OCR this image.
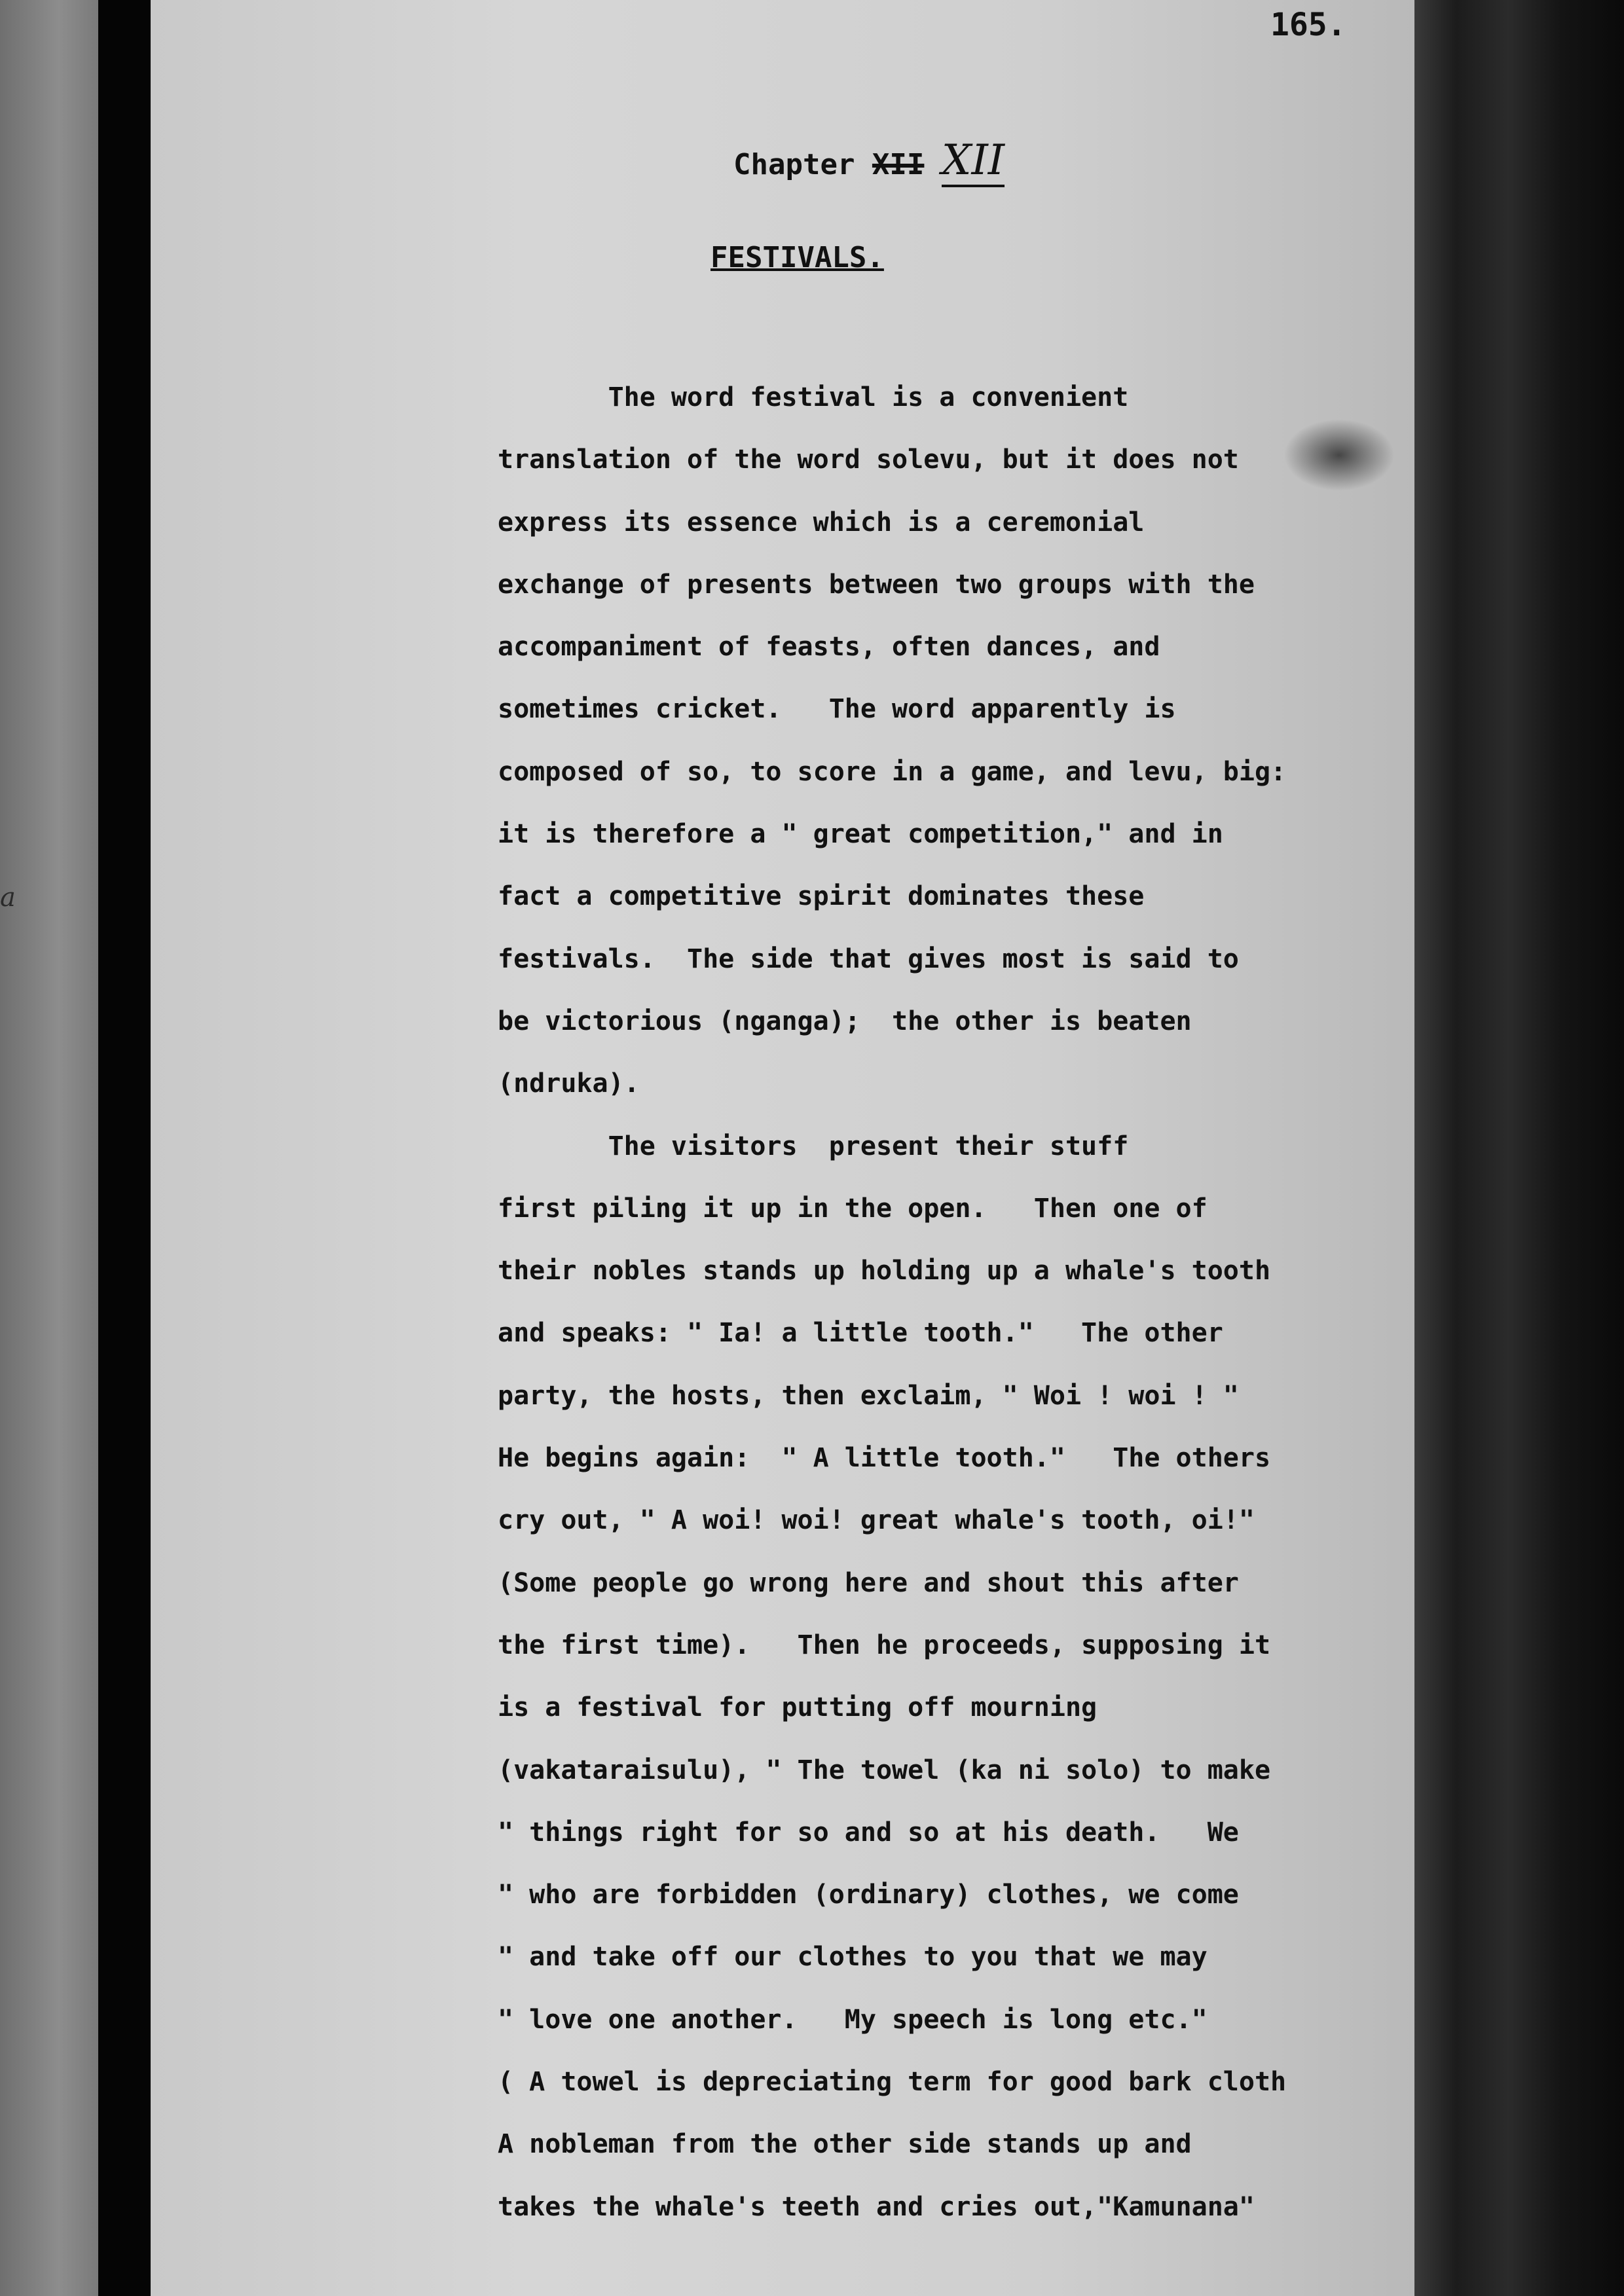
a
165.
Chapter XII XII
FESTIVALS.
The word festival is a convenient
translation of the word solevu, but it does not
express its essence which is a ceremonial
exchange of presents between two groups with the
accompaniment of feasts, often dances, and
sometimes cricket.   The word apparently is
composed of so, to score in a game, and levu, big:
it is therefore a " great competition," and in
fact a competitive spirit dominates these
festivals.  The side that gives most is said to
be victorious (nganga);  the other is beaten
(ndruka).
The visitors  present their stuff
first piling it up in the open.   Then one of
their nobles stands up holding up a whale's tooth
and speaks: " Ia! a little tooth."   The other
party, the hosts, then exclaim, " Woi ! woi ! "
He begins again:  " A little tooth."   The others
cry out, " A woi! woi! great whale's tooth, oi!"
(Some people go wrong here and shout this after
the first time).   Then he proceeds, supposing it
is a festival for putting off mourning
(vakataraisulu), " The towel (ka ni solo) to make
" things right for so and so at his death.   We
" who are forbidden (ordinary) clothes, we come
" and take off our clothes to you that we may
" love one another.   My speech is long etc."
( A towel is depreciating term for good bark cloth
A nobleman from the other side stands up and
takes the whale's teeth and cries out,"Kamunana"
